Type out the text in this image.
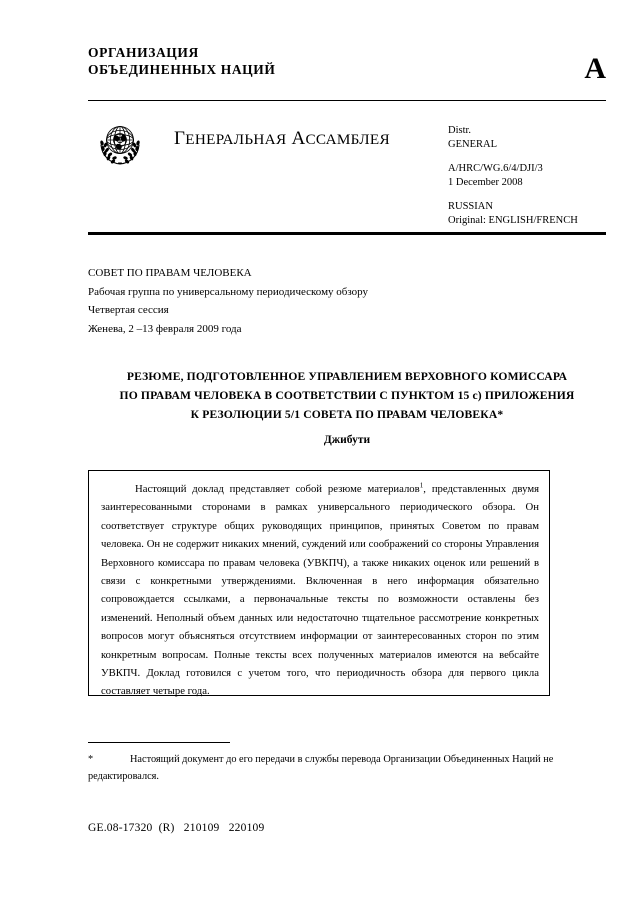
ОРГАНИЗАЦИЯ
ОБЪЕДИНЕННЫХ НАЦИЙ	A
ГЕНЕРАЛЬНАЯ АССАМБЛЕЯ
Distr.
GENERAL
A/HRC/WG.6/4/DJI/3
1 December 2008
RUSSIAN
Original: ENGLISH/FRENCH
СОВЕТ ПО ПРАВАМ ЧЕЛОВЕКА
Рабочая группа по универсальному периодическому обзору
Четвертая сессия
Женева, 2 –13 февраля 2009 года
РЕЗЮМЕ, ПОДГОТОВЛЕННОЕ УПРАВЛЕНИЕМ ВЕРХОВНОГО КОМИССАРА
ПО ПРАВАМ ЧЕЛОВЕКА В СООТВЕТСТВИИ С ПУНКТОМ 15 с) ПРИЛОЖЕНИЯ
К РЕЗОЛЮЦИИ 5/1 СОВЕТА ПО ПРАВАМ ЧЕЛОВЕКА*
Джибути
Настоящий доклад представляет собой резюме материалов$^1$, представленных двумя заинтересованными сторонами в рамках универсального периодического обзора. Он соответствует структуре общих руководящих принципов, принятых Советом по правам человека. Он не содержит никаких мнений, суждений или соображений со стороны Управления Верховного комиссара по правам человека (УВКПЧ), а также никаких оценок или решений в связи с конкретными утверждениями. Включенная в него информация обязательно сопровождается ссылками, а первоначальные тексты по возможности оставлены без изменений. Неполный объем данных или недостаточно тщательное рассмотрение конкретных вопросов могут объясняться отсутствием информации от заинтересованных сторон по этим конкретным вопросам. Полные тексты всех полученных материалов имеются на вебсайте УВКПЧ. Доклад готовился с учетом того, что периодичность обзора для первого цикла составляет четыре года.
*	Настоящий документ до его передачи в службы перевода Организации Объединенных Наций не редактировался.
GE.08-17320  (R)   210109   220109
